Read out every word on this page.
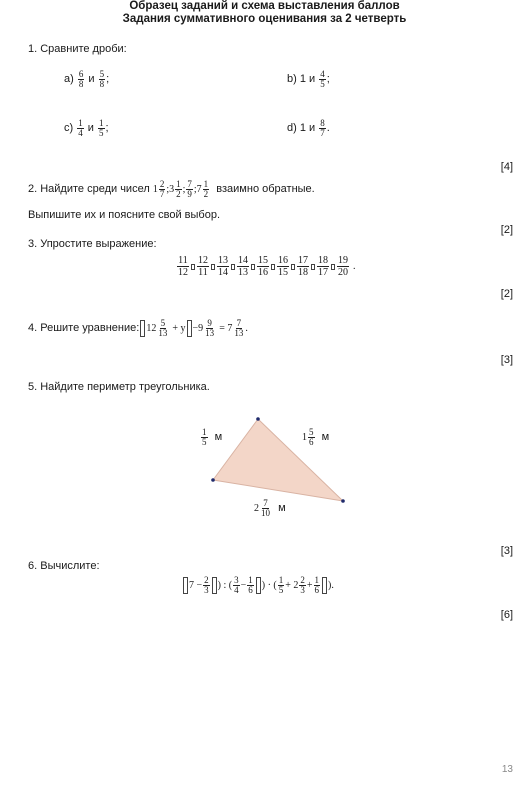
Образец заданий и схема выставления баллов
Задания суммативного оценивания за 2 четверть
1. Сравните дроби:
a)
$\frac{6}{8}$
и
$\frac{5}{8}$ ;	b) 1 и
$\frac{4}{5}$ ;
c)
$\frac{1}{4}$
и
$\frac{1}{5}$ ;	d) 1 и
$\frac{8}{7}$ .
[4]
2. Найдите среди чисел
$1 \frac{2}{7}$ ; $3 \frac{1}{2}$ ; $\frac{7}{9}$ ; $7 \frac{1}{2}$
взаимно обратные.
Выпишите их и поясните свой выбор.
[2]
3. Упростите выражение:
$\frac{11}{12} \frac{12}{11} \frac{13}{14} \frac{14}{13} \frac{15}{16} \frac{16}{15} \frac{17}{18} \frac{18}{17} \frac{19}{20}$ .
[2]
4. Решите уравнение: $12 \frac{5}{13}$
+ $y - 9 \frac{9}{13}$
= $7 \frac{7}{13}$ .
[3]
5. Найдите периметр треугольника.
$\frac{1}{5}$
м	$1 \frac{5}{6}$
м
$2 \frac{7}{10}$
м
[3]
6. Вычислите:
$7 - \frac{2}{3}$ ) : ( $\frac{3}{4} - \frac{1}{6}$ ) · ( $\frac{1}{5} + 2 \frac{2}{3} + \frac{1}{6}$ ).
[6]
13
